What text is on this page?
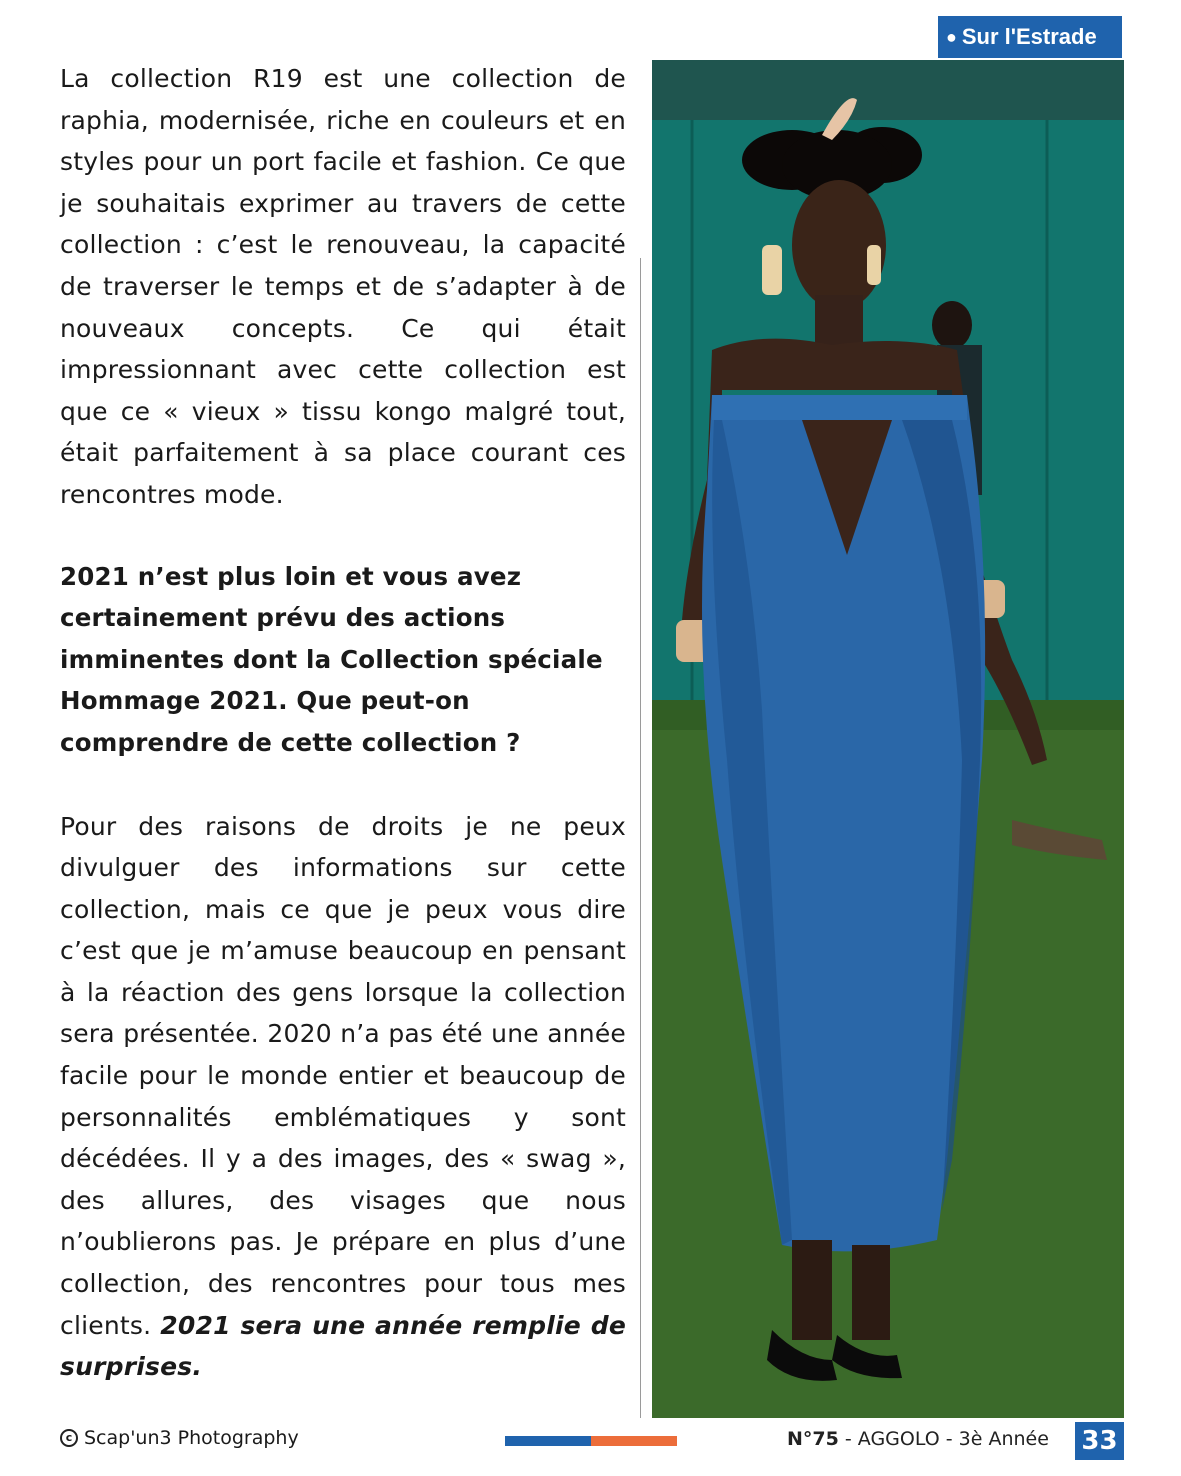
● Sur l'Estrade

La collection R19 est une collection de raphia, modernisée, riche en couleurs et en styles pour un port facile et fashion. Ce que je souhaitais exprimer au travers de cette collection : c’est le renouveau, la capacité de traverser le temps et de s’adapter à de nouveaux concepts. Ce qui était impressionnant avec cette collection est que ce « vieux » tissu kongo malgré tout, était parfaitement à sa place courant ces rencontres mode.

2021 n’est plus loin et vous avez certainement prévu des actions imminentes dont la Collection spéciale Hommage 2021. Que peut-on comprendre de cette collection ?

Pour des raisons de droits je ne peux divulguer des informations sur cette collection, mais ce que je peux vous dire c’est que je m’amuse beaucoup en pensant à la réaction des gens lorsque la collection sera présentée. 2020 n’a pas été une année facile pour le monde entier et beaucoup de personnalités emblématiques y sont décédées. Il y a des images, des « swag », des allures, des visages que nous n’oublierons pas. Je prépare en plus d’une collection, des rencontres pour tous mes clients. 2021 sera une année remplie de surprises.

c Scap'un3 Photography	N°75 - AGGOLO - 3è Année 33
